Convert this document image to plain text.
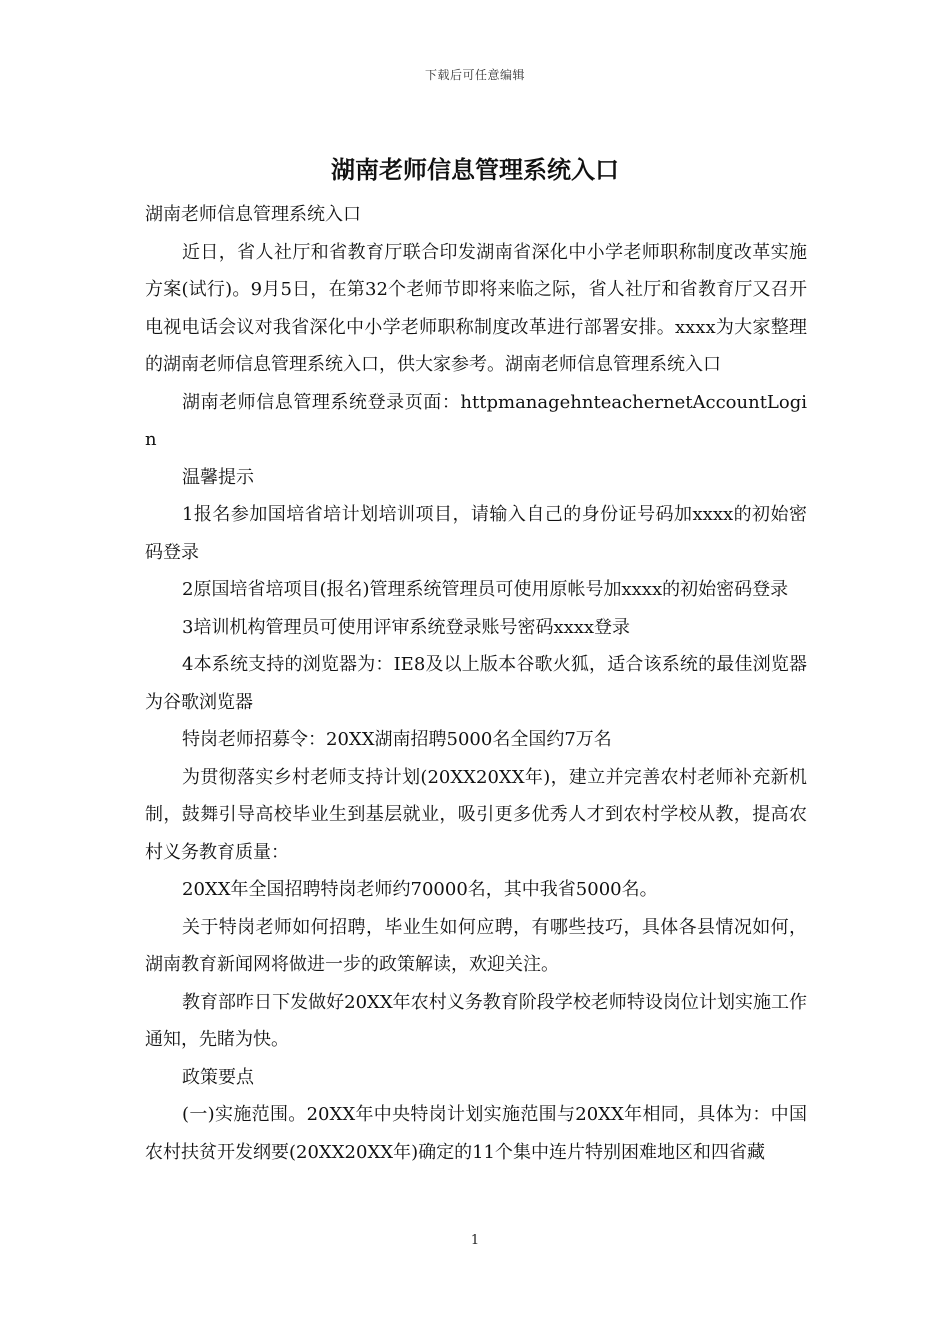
下载后可任意编辑
湖南老师信息管理系统入口

湖南老师信息管理系统入口

近日，省人社厅和省教育厅联合印发湖南省深化中小学老师职称制度改革实施方案(试行)。9月5日，在第32个老师节即将来临之际，省人社厅和省教育厅又召开电视电话会议对我省深化中小学老师职称制度改革进行部署安排。xxxx为大家整理的湖南老师信息管理系统入口，供大家参考。湖南老师信息管理系统入口

湖南老师信息管理系统登录页面：httpmanagehnteachernetAccountLogin

温馨提示

1报名参加国培省培计划培训项目，请输入自己的身份证号码加xxxx的初始密码登录

2原国培省培项目(报名)管理系统管理员可使用原帐号加xxxx的初始密码登录

3培训机构管理员可使用评审系统登录账号密码xxxx登录

4本系统支持的浏览器为：IE8及以上版本谷歌火狐，适合该系统的最佳浏览器为谷歌浏览器

特岗老师招募令：20XX湖南招聘5000名全国约7万名

为贯彻落实乡村老师支持计划(20XX20XX年)，建立并完善农村老师补充新机制，鼓舞引导高校毕业生到基层就业，吸引更多优秀人才到农村学校从教，提高农村义务教育质量：

20XX年全国招聘特岗老师约70000名，其中我省5000名。

关于特岗老师如何招聘，毕业生如何应聘，有哪些技巧，具体各县情况如何，湖南教育新闻网将做进一步的政策解读，欢迎关注。

教育部昨日下发做好20XX年农村义务教育阶段学校老师特设岗位计划实施工作通知，先睹为快。

政策要点

(一)实施范围。20XX年中央特岗计划实施范围与20XX年相同，具体为：中国农村扶贫开发纲要(20XX20XX年)确定的11个集中连片特别困难地区和四省藏

1
